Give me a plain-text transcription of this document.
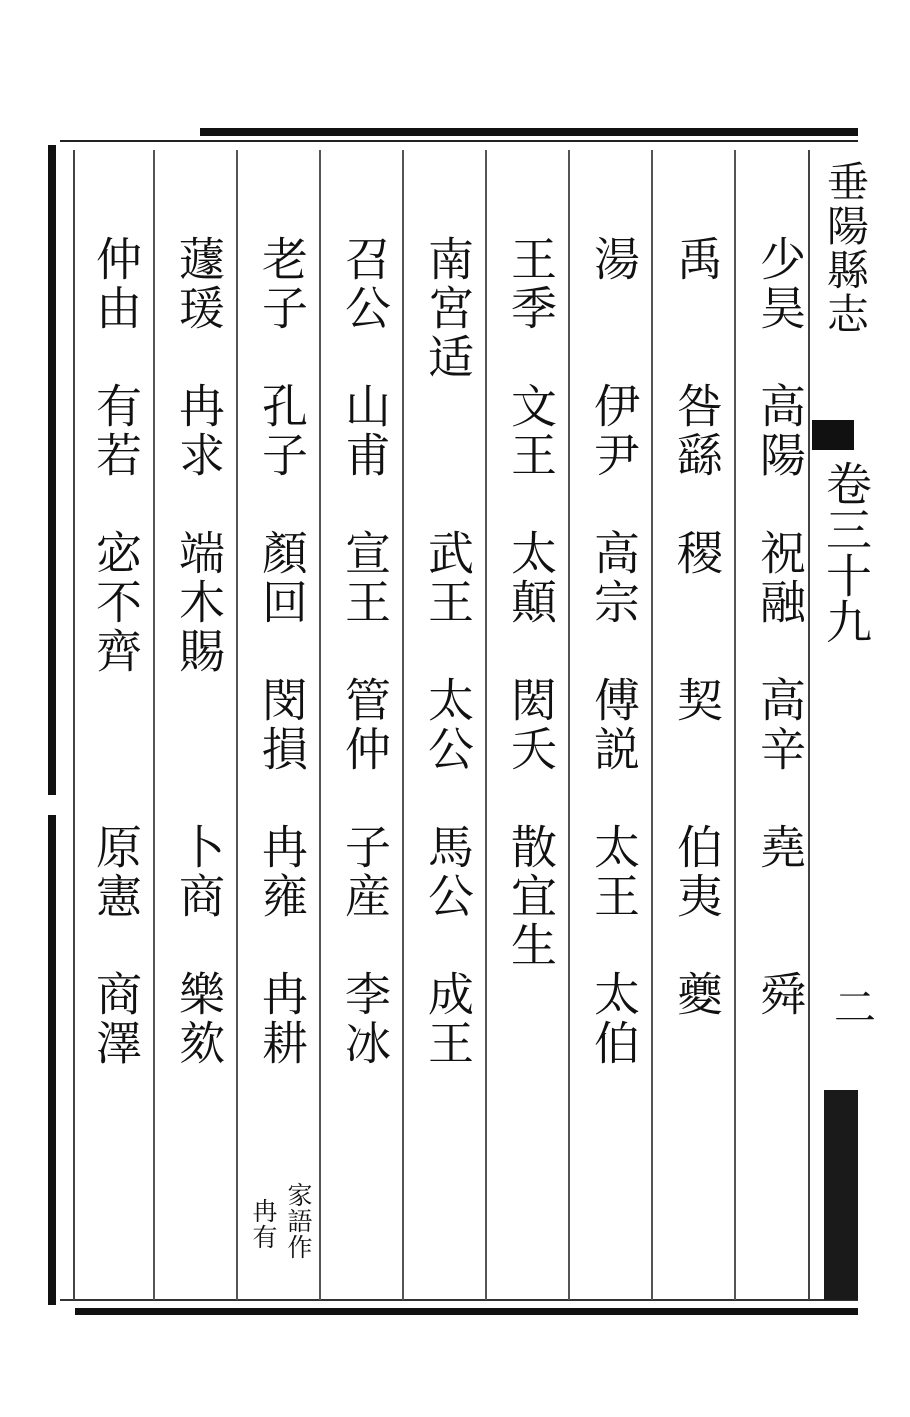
垂陽縣志
卷三十九
二
少昊　高陽　祝融　高辛　堯　　舜
禹　　咎繇　稷　　契　　伯夷　夔
湯　　伊尹　高宗　傅説　太王　太伯
王季　文王　太顛　閎夭　散宜生
南宮适　　　武王　太公　馬公　成王
召公　山甫　宣王　管仲　子産　李冰
老子　孔子　顏回　閔損　冉雍　冉耕
蘧瑗　冉求　端木賜　　　卜商　樂欬
仲由　有若　宓不齊　　　原憲　商澤
家語作
冉有
